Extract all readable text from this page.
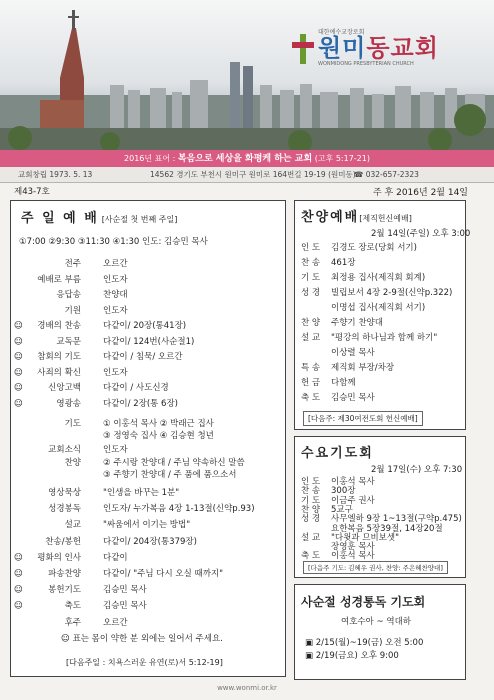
대한예수교장로회
원미동교회
WONMIDONG PRESBYTERIAN CHURCH
2016년 표어 : 복음으로 세상을 화평케 하는 교회 (고후 5:17-21)
교회창립 1973. 5. 13	14562 경기도 부천시 원미구 원미로 164번길 19-19 (원미동)
☎ 032-657-2323
제43-7호	주 후 2016년 2월 14일
주 일 예 배 [사순절 첫 번째 주일]
①7:00 ②9:30 ③11:30 ④1:30 인도: 김승민 목사
전주	오르간
예배로 부름	인도자
응답송	찬양대
기원	인도자
☺	경배의 찬송	다같이/ 20장(통41장)
☺	교독문	다같이/ 124번(사순절1)
☺	참회의 기도	다같이 / 침묵/ 오르간
☺	사죄의 확신	인도자
☺	신앙고백	다같이 / 사도신경
☺	영광송	다같이/ 2장(통 6장)
기도	① 이홍석 목사 ② 박래근 집사
③ 정영숙 집사 ④ 김승현 청년
교회소식	인도자
찬양	② 주시랑 찬양대 / 주님 약속하신 말씀
③ 주향기 찬양대 / 주 품에 품으소서
영상묵상	"인생을 바꾸는 1분"
성경봉독	인도자/ 누가복음 4장 1-13절(신약p.93)
설교	"싸움에서 이기는 방법"
찬송/봉헌	다같이/ 204장(통379장)
☺	평화의 인사	다같이
☺	파송찬양	다같이/ "주님 다시 오실 때까지"
☺	봉헌기도	김승민 목사
☺	축도	김승민 목사
후주	오르간
☺ 표는 몸이 약한 분 외에는 일어서 주세요.
[다음주일 : 치욕스러운 유연(로)서 5:12-19]
찬양예배[제직헌신예배]
2월 14일(주일) 오후 3:00
인 도 김경도 장로(당회 서기)
찬 송 461장
기 도 최정용 집사(제직회 회계)
성 경 빌립보서 4장 2-9절(신약p.322)
이명섭 집사(제직회 서기)
찬 양 주향기 찬양대
설 교 "평강의 하나님과 함께 하기"
이상렬 목사
특 송 제직회 부장/차장
헌 금 다함께
축 도 김승민 목사
[다음주: 제30여전도회 헌신예배]
수요기도회
2월 17일(수) 오후 7:30
인 도 이홍석 목사
찬 송 300장
기 도 이금주 권사
찬 양 5교구
성 경 사무엘하 9장 1~13절(구약p.475)
요한복음 5장39절, 14장20절
설 교 "다윗과 므비보셋"
장영훈 목사
축 도 이홍석 목사
[다음주 기도: 김혜우 권사, 찬양: 주은혜찬양대]
사순절 성경통독 기도회
여호수아 ~ 역대하
▣ 2/15(월)~19(금) 오전 5:00
▣ 2/19(금요) 오후 9:00
www.wonmi.or.kr
